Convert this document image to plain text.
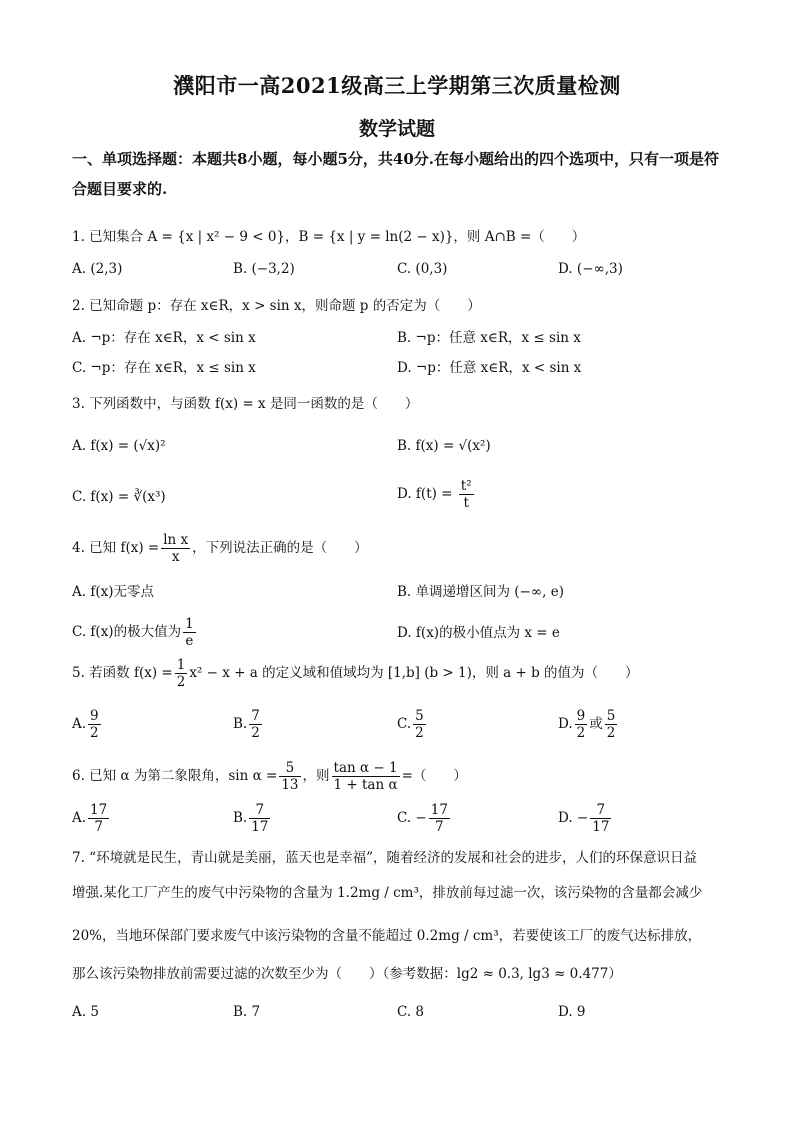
濮阳市一高2021级高三上学期第三次质量检测
数学试题
一、单项选择题：本题共8小题，每小题5分，共40分.在每小题给出的四个选项中，只有一项是符合题目要求的.
1. 已知集合 A = {x | x² − 9 < 0}，B = {x | y = ln(2 − x)}，则 A∩B =（　　）
A. (2,3)	B. (−3,2)	C. (0,3)	D. (−∞,3)
2. 已知命题 p：存在 x∈R，x > sin x，则命题 p 的否定为（　　）
A. ¬p：存在 x∈R，x < sin x	B. ¬p：任意 x∈R，x ≤ sin x
C. ¬p：存在 x∈R，x ≤ sin x	D. ¬p：任意 x∈R，x < sin x
3. 下列函数中，与函数 f(x) = x 是同一函数的是（　　）
A. f(x) = (√x)²	B. f(x) = √(x²)
C. f(x) = ∛(x³)	D. $f(t) = \frac{\text{t²}}{t}$
4. 已知 $f(x) = \frac{\text{ln x}}{x}$ ，下列说法正确的是（　　）
A. f(x)无零点	B. 单调递增区间为 (−∞, e)
C. f(x)的极大值为 $\frac{1}{e}$	D. f(x)的极小值点为 x = e
5. 若函数 $f(x) = \frac{1}{2} x^2 - x + a$ 的定义域和值域均为 [1,b] (b > 1)，则 a + b 的值为（　　）
A. $\frac{9}{2}$	B. $\frac{7}{2}$	C. $\frac{5}{2}$	D. $\frac{9}{2}$ 或 $\frac{5}{2}$
6. 已知 α 为第二象限角，$\sin \alpha = \frac{5}{13}$ ，则 $\frac{\text{tan α − 1}}{\text{1 + tan α}}$ =（　　）
A. $\frac{17}{7}$	B. $\frac{7}{17}$	C. − $\frac{17}{7}$	D. − $\frac{7}{17}$
7. “环境就是民生，青山就是美丽，蓝天也是幸福”，随着经济的发展和社会的进步，人们的环保意识日益
增强.某化工厂产生的废气中污染物的含量为 1.2mg / cm³，排放前每过滤一次，该污染物的含量都会减少
20%，当地环保部门要求废气中该污染物的含量不能超过 0.2mg / cm³，若要使该工厂的废气达标排放，
那么该污染物排放前需要过滤的次数至少为（　　）（参考数据：lg2 ≈ 0.3, lg3 ≈ 0.477）
A. 5	B. 7	C. 8	D. 9
